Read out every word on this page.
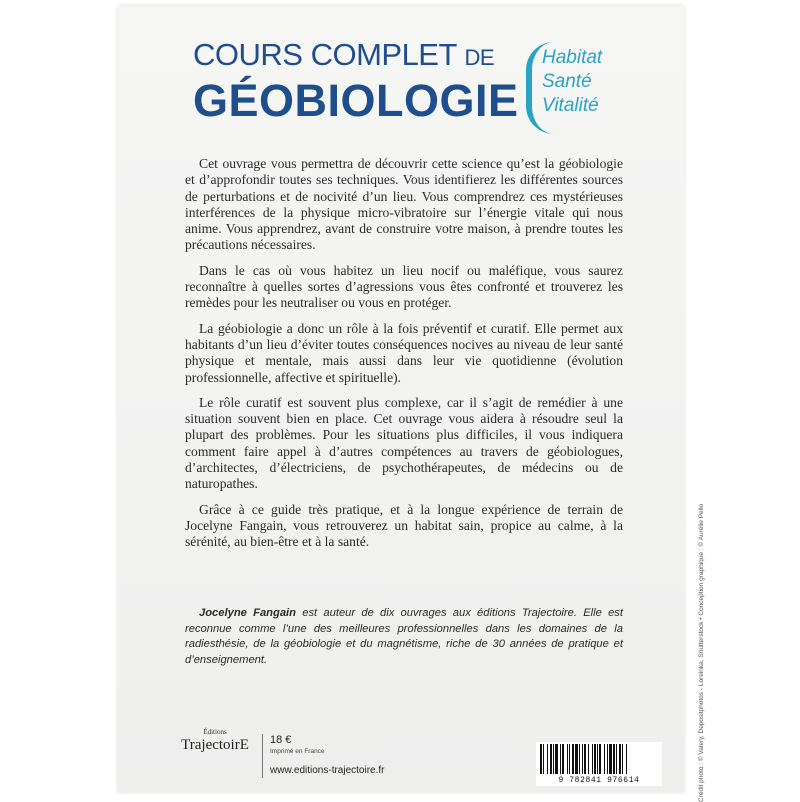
COURS COMPLET DE
GÉOBIOLOGIE
Habitat
Santé
Vitalité

Cet ouvrage vous permettra de découvrir cette science qu’est la géobiologie et d’approfondir toutes ses techniques. Vous identifierez les différentes sources de perturbations et de nocivité d’un lieu. Vous comprendrez ces mystérieuses interférences de la physique micro-vibratoire sur l’énergie vitale qui nous anime. Vous apprendrez, avant de construire votre maison, à prendre toutes les précautions nécessaires.

Dans le cas où vous habitez un lieu nocif ou maléfique, vous saurez reconnaître à quelles sortes d’agressions vous êtes confronté et trouverez les remèdes pour les neutraliser ou vous en protéger.

La géobiologie a donc un rôle à la fois préventif et curatif. Elle permet aux habitants d’un lieu d’éviter toutes conséquences nocives au niveau de leur santé physique et mentale, mais aussi dans leur vie quotidienne (évolution professionnelle, affective et spirituelle).

Le rôle curatif est souvent plus complexe, car il s’agit de remédier à une situation souvent bien en place. Cet ouvrage vous aidera à résoudre seul la plupart des problèmes. Pour les situations plus difficiles, il vous indiquera comment faire appel à d’autres compétences au travers de géobiologues, d’architectes, d’électriciens, de psychothérapeutes, de médecins ou de naturopathes.

Grâce à ce guide très pratique, et à la longue expérience de terrain de Jocelyne Fangain, vous retrouverez un habitat sain, propice au calme, à la sérénité, au bien-être et à la santé.

Jocelyne Fangain est auteur de dix ouvrages aux éditions Trajectoire. Elle est reconnue comme l’une des meilleures professionnelles dans les domaines de la radiesthésie, de la géobiologie et du magnétisme, riche de 30 années de pratique et d’enseignement.	Crédit photo : © Valery, Depositphotos - Loreinka, Shutterstock • Conception graphique : © Aurélie Pello
Éditions
TrajectoirE	18 €
Imprimé en France
www.editions-trajectoire.fr
9 782841 976614
